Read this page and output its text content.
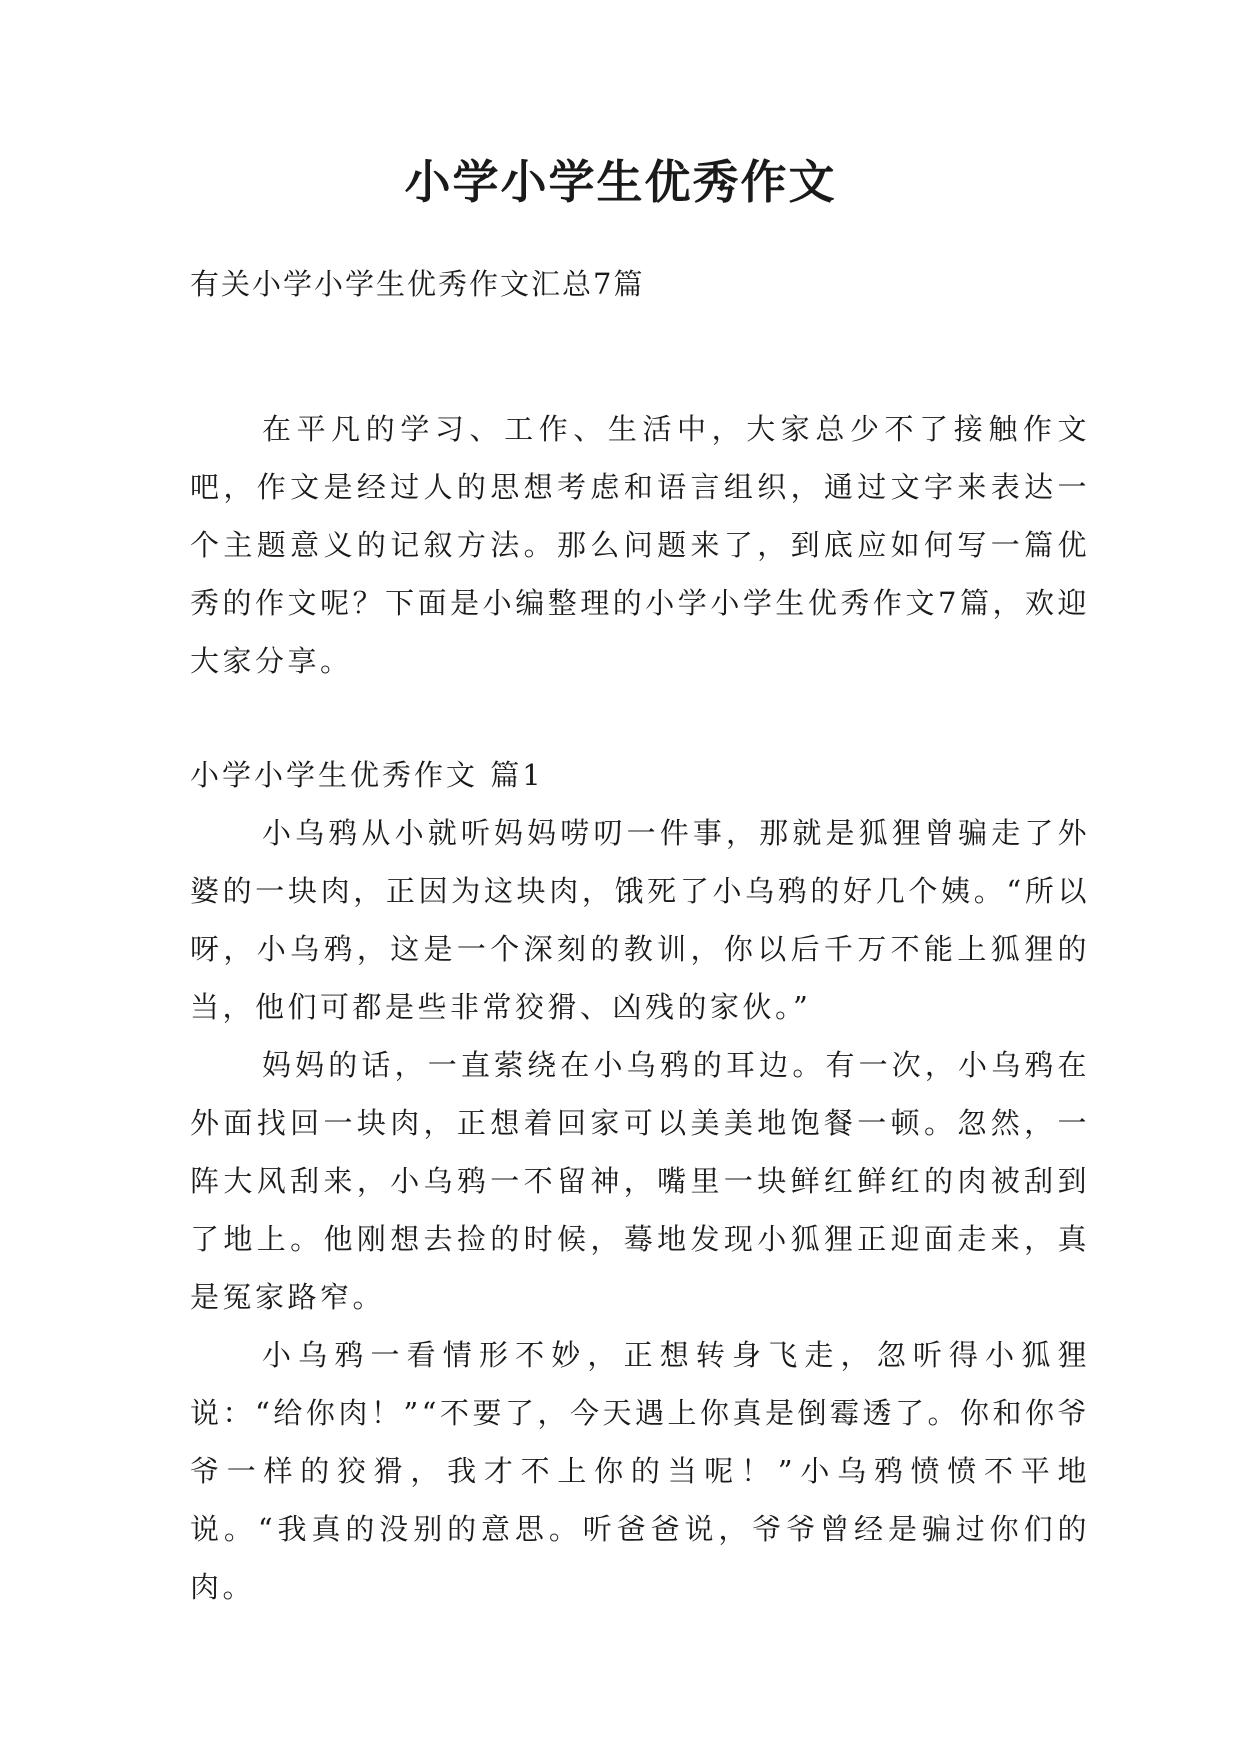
小学小学生优秀作文
有关小学小学生优秀作文汇总7篇

在平凡的学习、工作、生活中，大家总少不了接触作文吧，作文是经过人的思想考虑和语言组织，通过文字来表达一个主题意义的记叙方法。那么问题来了，到底应如何写一篇优秀的作文呢？下面是小编整理的小学小学生优秀作文7篇，欢迎大家分享。

小学小学生优秀作文 篇1

小乌鸦从小就听妈妈唠叨一件事，那就是狐狸曾骗走了外婆的一块肉，正因为这块肉，饿死了小乌鸦的好几个姨。“所以呀，小乌鸦，这是一个深刻的教训，你以后千万不能上狐狸的当，他们可都是些非常狡猾、凶残的家伙。”

妈妈的话，一直萦绕在小乌鸦的耳边。有一次，小乌鸦在外面找回一块肉，正想着回家可以美美地饱餐一顿。忽然，一阵大风刮来，小乌鸦一不留神，嘴里一块鲜红鲜红的肉被刮到了地上。他刚想去捡的时候，蓦地发现小狐狸正迎面走来，真是冤家路窄。

小乌鸦一看情形不妙，正想转身飞走，忽听得小狐狸说：“给你肉！”“不要了，今天遇上你真是倒霉透了。你和你爷爷一样的狡猾，我才不上你的当呢！”小乌鸦愤愤不平地说。“我真的没别的意思。听爸爸说，爷爷曾经是骗过你们的肉。
